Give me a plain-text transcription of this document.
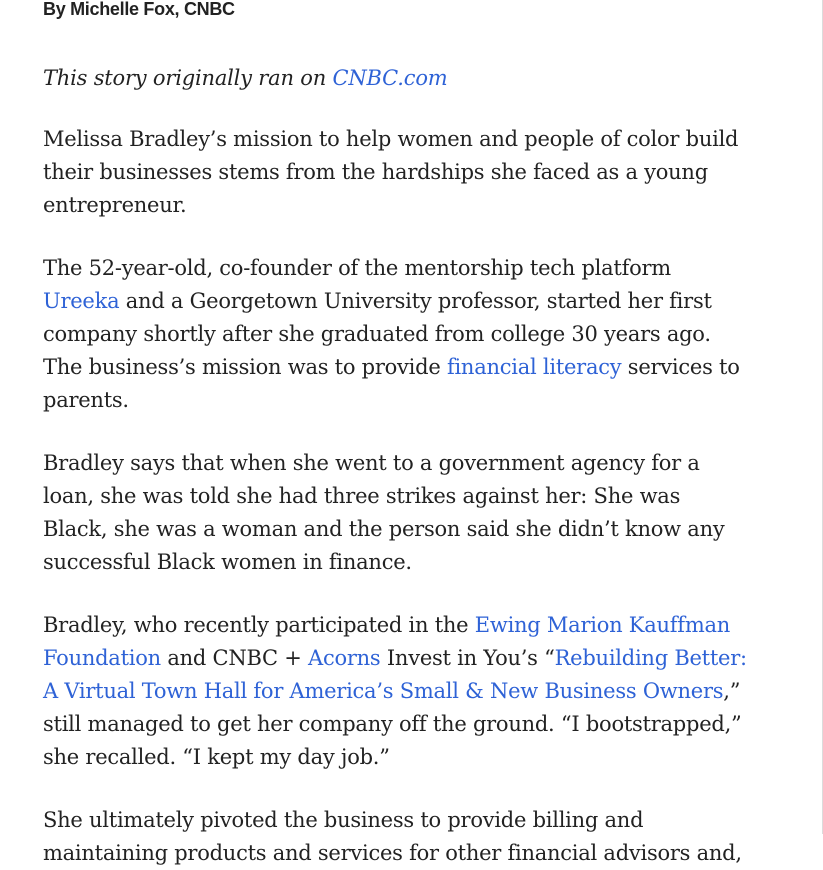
By Michelle Fox, CNBC
This story originally ran on CNBC.com

Melissa Bradley’s mission to help women and people of color build their businesses stems from the hardships she faced as a young entrepreneur.

The 52-year-old, co-founder of the mentorship tech platform Ureeka and a Georgetown University professor, started her first company shortly after she graduated from college 30 years ago. The business’s mission was to provide financial literacy services to parents.

Bradley says that when she went to a government agency for a loan, she was told she had three strikes against her: She was Black, she was a woman and the person said she didn’t know any successful Black women in finance.

Bradley, who recently participated in the Ewing Marion Kauffman Foundation and CNBC + Acorns Invest in You’s “Rebuilding Better: A Virtual Town Hall for America’s Small & New Business Owners,” still managed to get her company off the ground. “I bootstrapped,” she recalled. “I kept my day job.”

She ultimately pivoted the business to provide billing and maintaining products and services for other financial advisors and,
